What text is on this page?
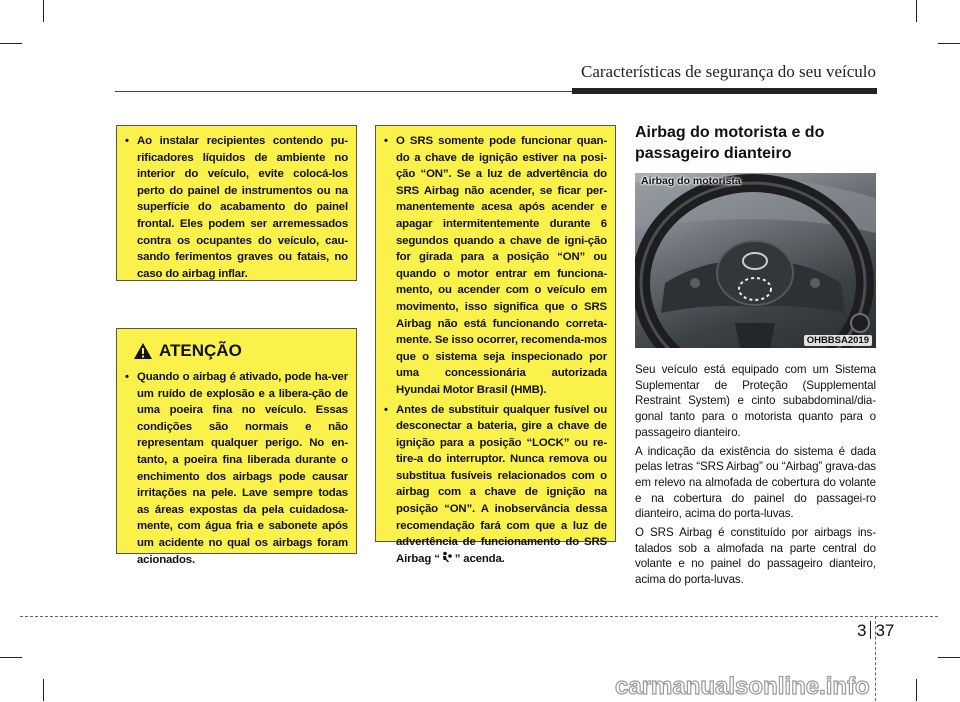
Características de segurança do seu veículo
• Ao instalar recipientes contendo pu-rificadores líquidos de ambiente no interior do veículo, evite colocá-los perto do painel de instrumentos ou na superfície do acabamento do painel frontal. Eles podem ser arremessados contra os ocupantes do veículo, cau-sando ferimentos graves ou fatais, no caso do airbag inflar.
ATENÇÃO
• Quando o airbag é ativado, pode ha-ver um ruído de explosão e a libera-ção de uma poeira fina no veículo. Essas condições são normais e não representam qualquer perigo. No en-tanto, a poeira fina liberada durante o enchimento dos airbags pode causar irritações na pele. Lave sempre todas as áreas expostas da pela cuidadosa-mente, com água fria e sabonete após um acidente no qual os airbags foram acionados.
• O SRS somente pode funcionar quan-do a chave de ignição estiver na posi-ção “ON”. Se a luz de advertência do SRS Airbag não acender, se ficar per-manentemente acesa após acender e apagar intermitentemente durante 6 segundos quando a chave de igni-ção for girada para a posição “ON” ou quando o motor entrar em funciona-mento, ou acender com o veículo em movimento, isso significa que o SRS Airbag não está funcionando correta-mente. Se isso ocorrer, recomenda-mos que o sistema seja inspecionado por uma concessionária autorizada Hyundai Motor Brasil (HMB).
• Antes de substituir qualquer fusível ou desconectar a bateria, gire a chave de ignição para a posição “LOCK” ou re-tire-a do interruptor. Nunca remova ou substitua fusíveis relacionados com o airbag com a chave de ignição na posição “ON”. A inobservância dessa recomendação fará com que a luz de advertência de funcionamento do SRS Airbag “ ” acenda.
Airbag do motorista e do passageiro dianteiro
Airbag do motorista
OHBBSA2019

Seu veículo está equipado com um Sistema Suplementar de Proteção (Supplemental Restraint System) e cinto subabdominal/dia-gonal tanto para o motorista quanto para o passageiro dianteiro.

A indicação da existência do sistema é dada pelas letras “SRS Airbag” ou “Airbag” grava-das em relevo na almofada de cobertura do volante e na cobertura do painel do passagei-ro dianteiro, acima do porta-luvas.

O SRS Airbag é constituído por airbags ins-talados sob a almofada na parte central do volante e no painel do passageiro dianteiro, acima do porta-luvas.

3 37
carmanualsonline.info
